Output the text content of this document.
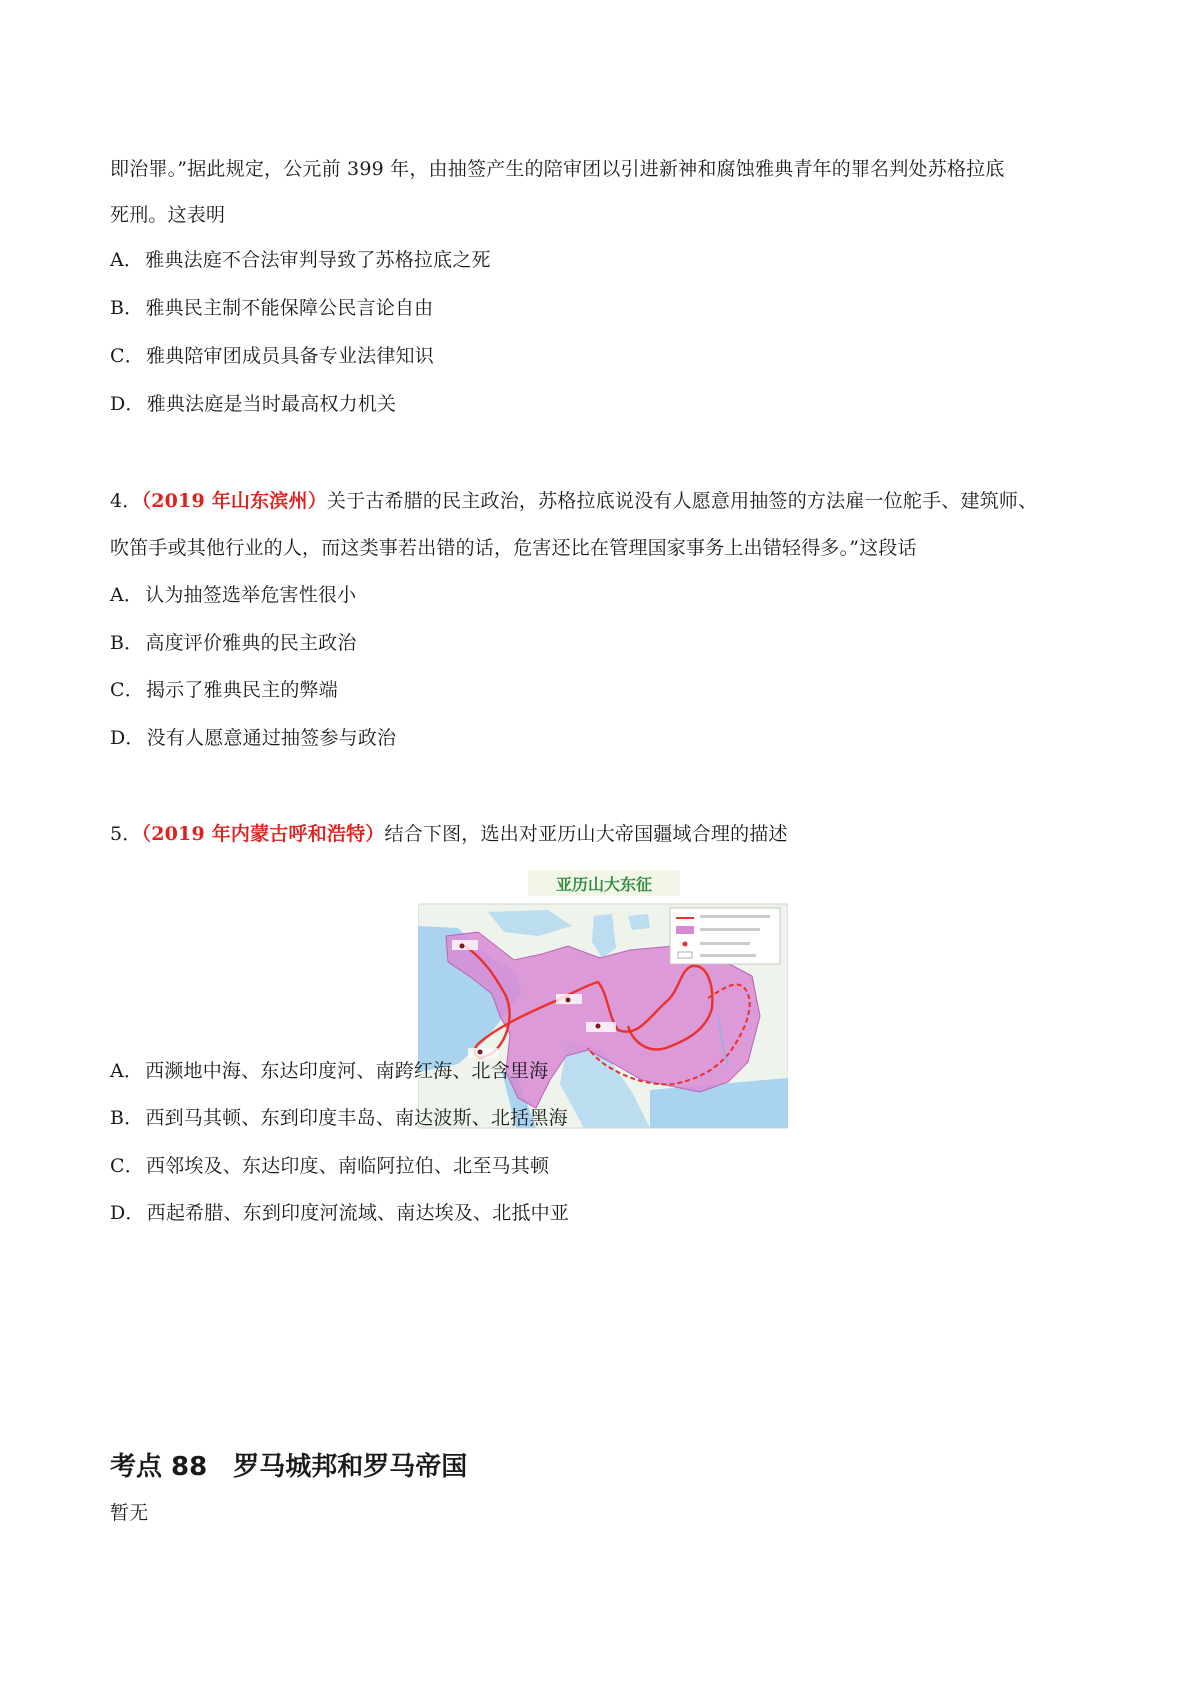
即治罪。”据此规定，公元前 399 年，由抽签产生的陪审团以引进新神和腐蚀雅典青年的罪名判处苏格拉底
死刑。这表明
A． 雅典法庭不合法审判导致了苏格拉底之死
B． 雅典民主制不能保障公民言论自由
C． 雅典陪审团成员具备专业法律知识
D． 雅典法庭是当时最高权力机关
4．（2019 年山东滨州）关于古希腊的民主政治，苏格拉底说没有人愿意用抽签的方法雇一位舵手、建筑师、
吹笛手或其他行业的人，而这类事若出错的话，危害还比在管理国家事务上出错轻得多。”这段话
A． 认为抽签选举危害性很小
B． 高度评价雅典的民主政治
C． 揭示了雅典民主的弊端
D． 没有人愿意通过抽签参与政治
5．（2019 年内蒙古呼和浩特）结合下图，选出对亚历山大帝国疆域合理的描述
亚历山大东征
A． 西濒地中海、东达印度河、南跨红海、北含里海
B． 西到马其顿、东到印度丰岛、南达波斯、北括黑海
C． 西邻埃及、东达印度、南临阿拉伯、北至马其顿
D． 西起希腊、东到印度河流域、南达埃及、北抵中亚
考点 88 罗马城邦和罗马帝国
暂无
